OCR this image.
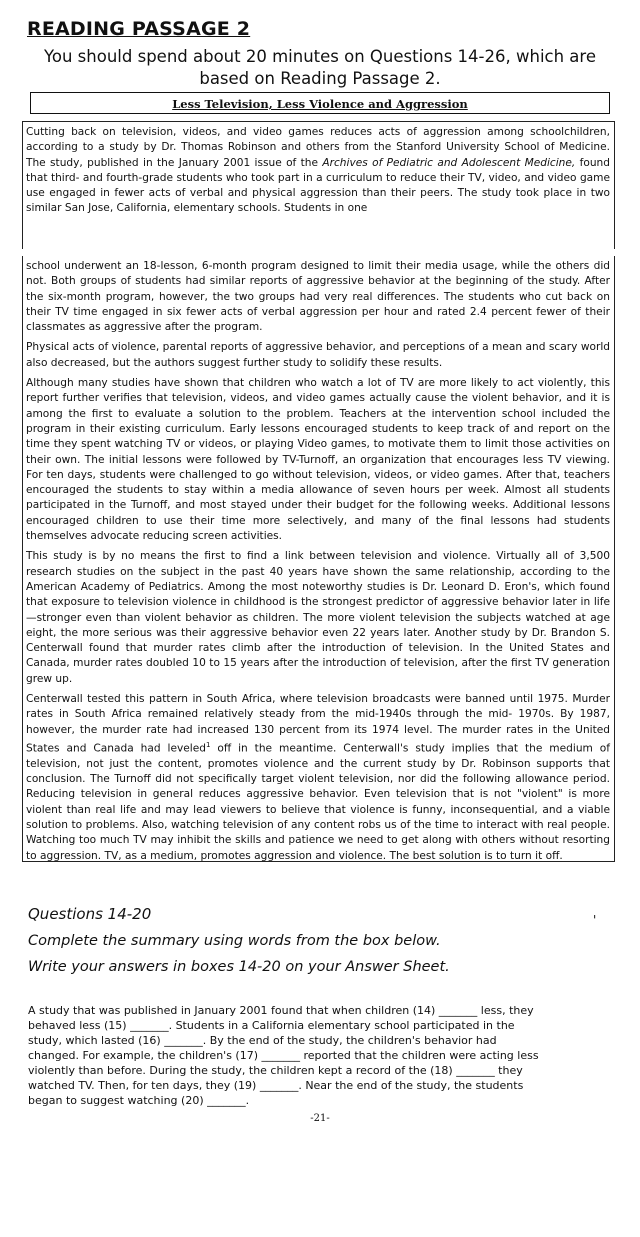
READING PASSAGE 2
You should spend about 20 minutes on Questions 14-26, which are based on Reading Passage 2.
Less Television, Less Violence and Aggression

Cutting back on television, videos, and video games reduces acts of aggression among schoolchildren, according to a study by Dr. Thomas Robinson and others from the Stanford University School of Medicine. The study, published in the January 2001 issue of the Archives of Pediatric and Adolescent Medicine, found that third- and fourth-grade students who took part in a curriculum to reduce their TV, video, and video game use engaged in fewer acts of verbal and physical aggression than their peers. The study took place in two similar San Jose, California, elementary schools. Students in one

school underwent an 18-lesson, 6-month program designed to limit their media usage, while the others did not. Both groups of students had similar reports of aggressive behavior at the beginning of the study. After the six-month program, however, the two groups had very real differences. The students who cut back on their TV time engaged in six fewer acts of verbal aggression per hour and rated 2.4 percent fewer of their classmates as aggressive after the program.

Physical acts of violence, parental reports of aggressive behavior, and perceptions of a mean and scary world also decreased, but the authors suggest further study to solidify these results.

Although many studies have shown that children who watch a lot of TV are more likely to act violently, this report further verifies that television, videos, and video games actually cause the violent behavior, and it is among the first to evaluate a solution to the problem. Teachers at the intervention school included the program in their existing curriculum. Early lessons encouraged students to keep track of and report on the time they spent watching TV or videos, or playing Video games, to motivate them to limit those activities on their own. The initial lessons were followed by TV-Turnoff, an organization that encourages less TV viewing. For ten days, students were challenged to go without television, videos, or video games. After that, teachers encouraged the students to stay within a media allowance of seven hours per week. Almost all students participated in the Turnoff, and most stayed under their budget for the following weeks. Additional lessons encouraged children to use their time more selectively, and many of the final lessons had students themselves advocate reducing screen activities.

This study is by no means the first to find a link between television and violence. Virtually all of 3,500 research studies on the subject in the past 40 years have shown the same relationship, according to the American Academy of Pediatrics. Among the most noteworthy studies is Dr. Leonard D. Eron's, which found that exposure to television violence in childhood is the strongest predictor of aggressive behavior later in life—stronger even than violent behavior as children. The more violent television the subjects watched at age eight, the more serious was their aggressive behavior even 22 years later. Another study by Dr. Brandon S. Centerwall found that murder rates climb after the introduction of television. In the United States and Canada, murder rates doubled 10 to 15 years after the introduction of television, after the first TV generation grew up.

Centerwall tested this pattern in South Africa, where television broadcasts were banned until 1975. Murder rates in South Africa remained relatively steady from the mid-1940s through the mid- 1970s. By 1987, however, the murder rate had increased 130 percent from its 1974 level. The murder rates in the United States and Canada had leveled$^1$ off in the meantime. Centerwall's study implies that the medium of television, not just the content, promotes violence and the current study by Dr. Robinson supports that conclusion. The Turnoff did not specifically target violent television, nor did the following allowance period. Reducing television in general reduces aggressive behavior. Even television that is not "violent" is more violent than real life and may lead viewers to believe that violence is funny, inconsequential, and a viable solution to problems. Also, watching television of any content robs us of the time to interact with real people. Watching too much TV may inhibit the skills and patience we need to get along with others without resorting to aggression. TV, as a medium, promotes aggression and violence. The best solution is to turn it off.

Questions 14-20	'
Complete the summary using words from the box below.
Write your answers in boxes 14-20 on your Answer Sheet.
A study that was published in January 2001 found that when children (14) _______ less, they behaved less (15) _______. Students in a California elementary school participated in the study, which lasted (16) _______. By the end of the study, the children's behavior had changed. For example, the children's (17) _______ reported that the children were acting less violently than before. During the study, the children kept a record of the (18) _______ they watched TV. Then, for ten days, they (19) _______. Near the end of the study, the students began to suggest watching (20) _______.
-21-
